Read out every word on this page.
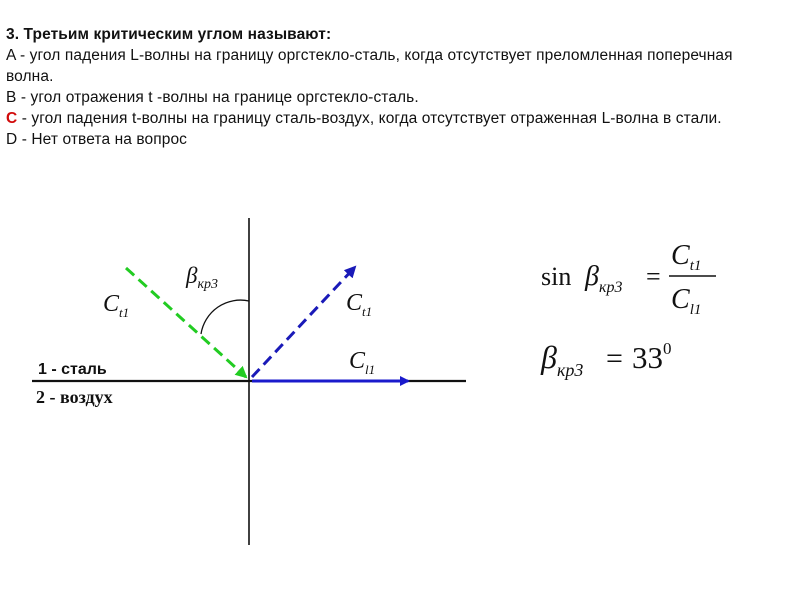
3. Третьим критическим углом называют:
A - угол падения L-волны на границу оргстекло-сталь, когда отсутствует преломленная поперечная волна.
B - угол отражения t -волны на границе оргстекло-сталь.
C - угол падения t-волны на границу сталь-воздух, когда отсутствует отраженная L-волна в стали.
D - Нет ответа на вопрос
$\beta_{кр3}$
$C_{t1}$	$C_{t1}$
$C_{l1}$
1 - сталь
2 - воздух
$\sin \beta_{кр3}$ =
$C_{t1}$
$C_{l1}$
$\beta_{кр3} = 33^0$
